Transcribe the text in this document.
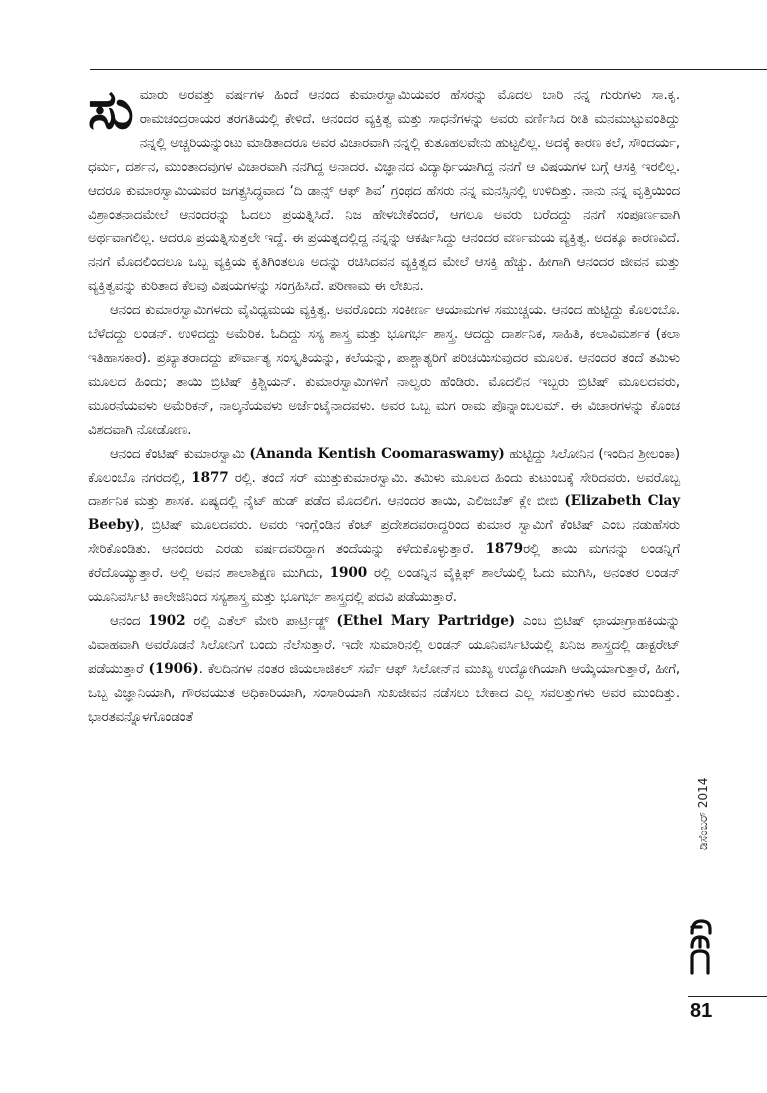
ಸುಮಾರು ಅರವತ್ತು ವರ್ಷಗಳ ಹಿಂದೆ ಆನಂದ ಕುಮಾರಸ್ವಾಮಿಯವರ ಹೆಸರನ್ನು ಮೊದಲ ಬಾರಿ ನನ್ನ ಗುರುಗಳು ಸಾ.ಕೃ. ರಾಮಚಂದ್ರರಾಯರ ತರಗತಿಯಲ್ಲಿ ಕೇಳಿದೆ. ಆನಂದರ ವ್ಯಕ್ತಿತ್ವ ಮತ್ತು ಸಾಧನೆಗಳನ್ನು ಅವರು ವರ್ಣಿಸಿದ ರೀತಿ ಮನಮುಟ್ಟುವಂತಿದ್ದು ನನ್ನಲ್ಲಿ ಅಚ್ಚರಿಯನ್ನುಂಟು ಮಾಡಿತಾದರೂ ಅವರ ವಿಚಾರವಾಗಿ ನನ್ನಲ್ಲಿ ಕುತೂಹಲವೇನು ಹುಟ್ಟಲಿಲ್ಲ. ಅದಕ್ಕೆ ಕಾರಣ ಕಲೆ, ಸೌಂದರ್ಯ, ಧರ್ಮ, ದರ್ಶನ, ಮುಂತಾದವುಗಳ ವಿಚಾರವಾಗಿ ನನಗಿದ್ದ ಅನಾದರ. ವಿಜ್ಞಾನದ ವಿದ್ಯಾರ್ಥಿಯಾಗಿದ್ದ ನನಗೆ ಆ ವಿಷಯಗಳ ಬಗ್ಗೆ ಆಸಕ್ತಿ ಇರಲಿಲ್ಲ. ಆದರೂ ಕುಮಾರಸ್ವಾಮಿಯವರ ಜಗತ್ಪ್ರಸಿದ್ಧವಾದ ‘ದಿ ಡಾನ್ಸ್ ಆಫ್ ಶಿವ’ ಗ್ರಂಥದ ಹೆಸರು ನನ್ನ ಮನಸ್ಸಿನಲ್ಲಿ ಉಳಿದಿತ್ತು. ನಾನು ನನ್ನ ವೃತ್ತಿಯಿಂದ ವಿಶ್ರಾಂತನಾದಮೇಲೆ ಆನಂದರನ್ನು ಓದಲು ಪ್ರಯತ್ನಿಸಿದೆ. ನಿಜ ಹೇಳಬೇಕೆಂದರೆ, ಆಗಲೂ ಅವರು ಬರೆದದ್ದು ನನಗೆ ಸಂಪೂರ್ಣವಾಗಿ ಅರ್ಥವಾಗಲಿಲ್ಲ. ಆದರೂ ಪ್ರಯತ್ನಿಸುತ್ತಲೇ ಇದ್ದೆ. ಈ ಪ್ರಯತ್ನದಲ್ಲಿದ್ದ ನನ್ನನ್ನು ಆಕರ್ಷಿಸಿದ್ದು ಆನಂದರ ವರ್ಣಮಯ ವ್ಯಕ್ತಿತ್ವ. ಅದಕ್ಕೂ ಕಾರಣವಿದೆ. ನನಗೆ ಮೊದಲಿಂದಲೂ ಒಬ್ಬ ವ್ಯಕ್ತಿಯ ಕೃತಿಗಿಂತಲೂ ಅದನ್ನು ರಚಿಸಿದವನ ವ್ಯಕ್ತಿತ್ವದ ಮೇಲೆ ಆಸಕ್ತಿ ಹೆಚ್ಚು. ಹೀಗಾಗಿ ಆನಂದರ ಜೀವನ ಮತ್ತು ವ್ಯಕ್ತಿತ್ವವನ್ನು ಕುರಿತಾದ ಕೆಲವು ವಿಷಯಗಳನ್ನು ಸಂಗ್ರಹಿಸಿದೆ. ಪರಿಣಾಮ ಈ ಲೇಖನ.

ಆನಂದ ಕುಮಾರಸ್ವಾಮಿಗಳದು ವೈವಿಧ್ಯಮಯ ವ್ಯಕ್ತಿತ್ವ. ಅವರೊಂದು ಸಂಕೀರ್ಣ ಆಯಾಮಗಳ ಸಮುಚ್ಚಯ. ಆನಂದ ಹುಟ್ಟಿದ್ದು ಕೊಲಂಬೊ. ಬೆಳೆದದ್ದು ಲಂಡನ್. ಉಳಿದದ್ದು ಅಮೆರಿಕ. ಓದಿದ್ದು ಸಸ್ಯ ಶಾಸ್ತ್ರ ಮತ್ತು ಭೂಗರ್ಭ ಶಾಸ್ತ್ರ. ಆದದ್ದು ದಾರ್ಶನಿಕ, ಸಾಹಿತಿ, ಕಲಾವಿಮರ್ಶಕ (ಕಲಾ ಇತಿಹಾಸಕಾರ). ಪ್ರಖ್ಯಾತರಾದದ್ದು ಪೌರ್ವಾತ್ಯ ಸಂಸ್ಕೃತಿಯನ್ನು, ಕಲೆಯನ್ನು, ಪಾಶ್ಚಾತ್ಯರಿಗೆ ಪರಿಚಯಿಸುವುದರ ಮೂಲಕ. ಆನಂದರ ತಂದೆ ತಮಿಳು ಮೂಲದ ಹಿಂದು; ತಾಯಿ ಬ್ರಿಟಿಷ್ ಕ್ರಿಶ್ಚಿಯನ್. ಕುಮಾರಸ್ವಾಮಿಗಳಿಗೆ ನಾಲ್ವರು ಹೆಂಡಿರು. ಮೊದಲಿನ ಇಬ್ಬರು ಬ್ರಿಟಿಷ್ ಮೂಲದವರು, ಮೂರನೆಯವಳು ಅಮೆರಿಕನ್, ನಾಲ್ಕನೆಯವಳು ಅರ್ಜೆಂಟೈನಾದವಳು. ಅವರ ಒಬ್ಬ ಮಗ ರಾಮ ಪೊನ್ನಾಂಬಲಮ್. ಈ ವಿಚಾರಗಳನ್ನು ಕೊಂಚ ವಿಶದವಾಗಿ ನೋಡೋಣ.

ಆನಂದ ಕೆಂಟಿಷ್ ಕುಮಾರಸ್ವಾಮಿ (Ananda Kentish Coomaraswamy) ಹುಟ್ಟಿದ್ದು ಸಿಲೋನಿನ (ಇಂದಿನ ಶ್ರೀಲಂಕಾ) ಕೊಲಂಬೊ ನಗರದಲ್ಲಿ, 1877 ರಲ್ಲಿ. ತಂದೆ ಸರ್ ಮುತ್ತುಕುಮಾರಸ್ವಾಮಿ. ತಮಿಳು ಮೂಲದ ಹಿಂದು ಕುಟುಂಬಕ್ಕೆ ಸೇರಿದವರು. ಅವರೊಬ್ಬ ದಾರ್ಶನಿಕ ಮತ್ತು ಶಾಸಕ. ಏಷ್ಯದಲ್ಲಿ ನೈಟ್ ಹುಡ್ ಪಡೆದ ಮೊದಲಿಗ. ಆನಂದರ ತಾಯಿ, ಎಲಿಜಬೆತ್ ಕ್ಲೇ ಬೀಬಿ (Elizabeth Clay Beeby), ಬ್ರಿಟಿಷ್ ಮೂಲದವರು. ಅವರು ಇಂಗ್ಲೆಂಡಿನ ಕೆಂಟ್ ಪ್ರದೇಶದವರಾದ್ದರಿಂದ ಕುಮಾರ ಸ್ವಾಮಿಗೆ ಕೆಂಟಿಷ್ ಎಂಬ ನಡುಹೆಸರು ಸೇರಿಕೊಂಡಿತು. ಆನಂದರು ಎರಡು ವರ್ಷದವರಿದ್ದಾಗ ತಂದೆಯನ್ನು ಕಳೆದುಕೊಳ್ಳುತ್ತಾರೆ. 1879ರಲ್ಲಿ ತಾಯಿ ಮಗನನ್ನು ಲಂಡನ್ನಿಗೆ ಕರೆದೊಯ್ಯುತ್ತಾರೆ. ಅಲ್ಲಿ ಅವನ ಶಾಲಾಶಿಕ್ಷಣ ಮುಗಿದು, 1900 ರಲ್ಲಿ ಲಂಡನ್ನಿನ ವೈಕ್ಲಿಫ್ ಶಾಲೆಯಲ್ಲಿ ಓದು ಮುಗಿಸಿ, ಅನಂತರ ಲಂಡನ್ ಯೂನಿವರ್ಸಿಟಿ ಕಾಲೇಜಿನಿಂದ ಸಸ್ಯಶಾಸ್ತ್ರ ಮತ್ತು ಭೂಗರ್ಭ ಶಾಸ್ತ್ರದಲ್ಲಿ ಪದವಿ ಪಡೆಯುತ್ತಾರೆ.

ಆನಂದ 1902 ರಲ್ಲಿ ಎತೆಲ್ ಮೇರಿ ಪಾರ್ಟ್ರಿಡ್ಜ್ (Ethel Mary Partridge) ಎಂಬ ಬ್ರಿಟಿಷ್ ಛಾಯಾಗ್ರಾಹಕಿಯನ್ನು ವಿವಾಹವಾಗಿ ಅವರೊಡನೆ ಸಿಲೋನಿಗೆ ಬಂದು ನೆಲೆಸುತ್ತಾರೆ. ಇದೇ ಸುಮಾರಿನಲ್ಲಿ ಲಂಡನ್ ಯೂನಿವರ್ಸಿಟಿಯಲ್ಲಿ ಖನಿಜ ಶಾಸ್ತ್ರದಲ್ಲಿ ಡಾಕ್ಟರೇಟ್ ಪಡೆಯುತ್ತಾರೆ (1906). ಕೆಲದಿನಗಳ ನಂತರ ಜಿಯಲಾಜಿಕಲ್ ಸರ್ವೆ ಆಫ್ ಸಿಲೋನ್‌ನ ಮುಖ್ಯ ಉದ್ಯೋಗಿಯಾಗಿ ಆಯ್ಕೆಯಾಗುತ್ತಾರೆ, ಹೀಗೆ, ಒಬ್ಬ ವಿಜ್ಞಾನಿಯಾಗಿ, ಗೌರವಯುತ ಅಧಿಕಾರಿಯಾಗಿ, ಸಂಸಾರಿಯಾಗಿ ಸುಖಜೀವನ ನಡೆಸಲು ಬೇಕಾದ ಎಲ್ಲ ಸವಲತ್ತುಗಳು ಅವರ ಮುಂದಿತ್ತು. ಭಾರತವನ್ನೊಳಗೊಂಡಂತೆ

ಡಿಸೆಂಬರ್ 2014
81
